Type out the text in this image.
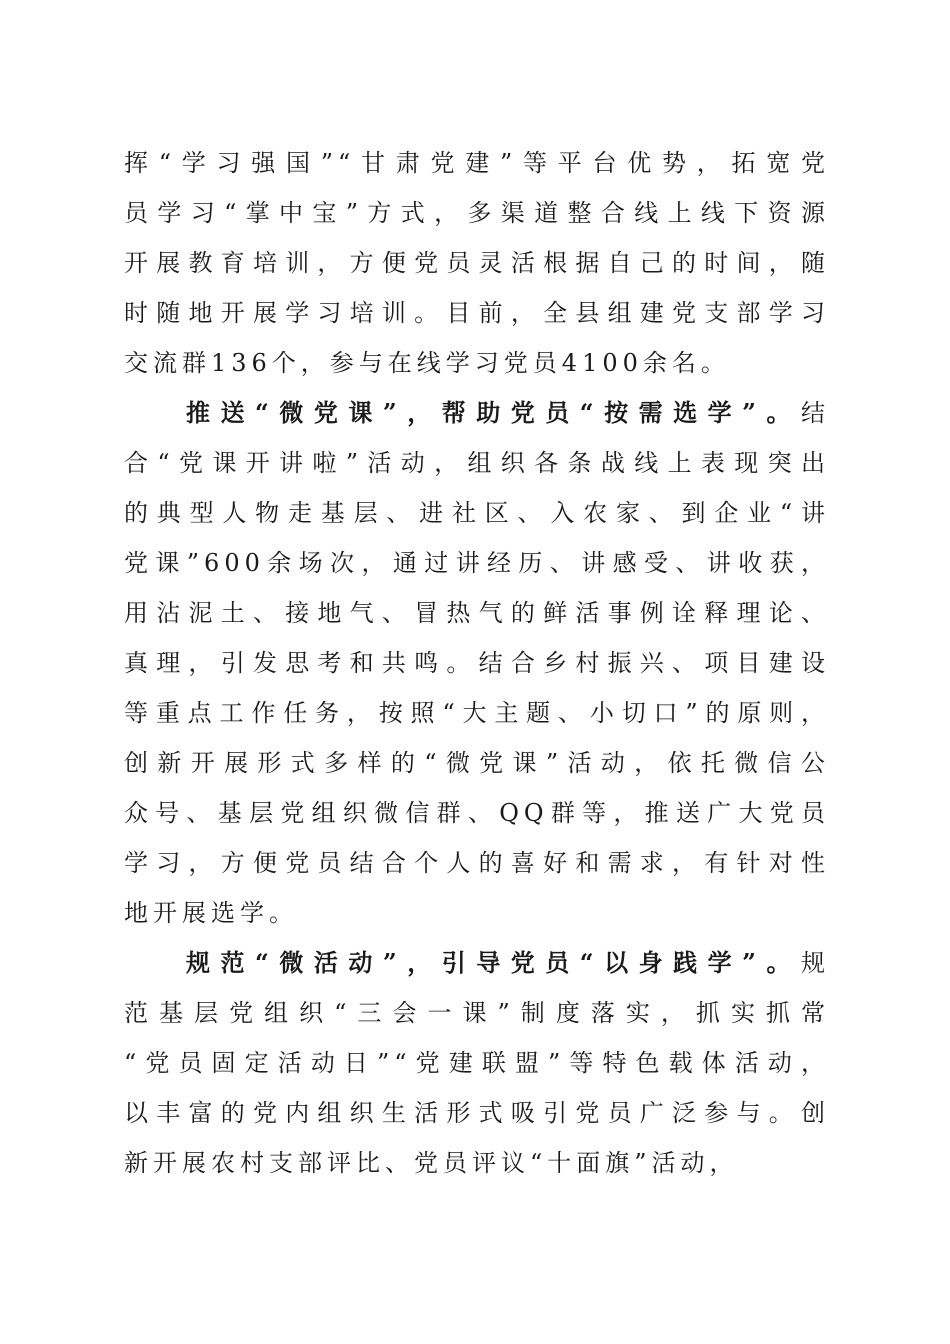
挥“学习强国”“甘肃党建”等平台优势，拓宽党
员学习“掌中宝”方式，多渠道整合线上线下资源
开展教育培训，方便党员灵活根据自己的时间，随
时随地开展学习培训。目前，全县组建党支部学习
交流群136个，参与在线学习党员4100余名。
推送“微党课”，帮助党员“按需选学”。结
合“党课开讲啦”活动，组织各条战线上表现突出
的典型人物走基层、进社区、入农家、到企业“讲
党课”600余场次，通过讲经历、讲感受、讲收获，
用沾泥土、接地气、冒热气的鲜活事例诠释理论、
真理，引发思考和共鸣。结合乡村振兴、项目建设
等重点工作任务，按照“大主题、小切口”的原则，
创新开展形式多样的“微党课”活动，依托微信公
众号、基层党组织微信群、QQ群等，推送广大党员
学习，方便党员结合个人的喜好和需求，有针对性
地开展选学。
规范“微活动”，引导党员“以身践学”。规
范基层党组织“三会一课”制度落实，抓实抓常
“党员固定活动日”“党建联盟”等特色载体活动，
以丰富的党内组织生活形式吸引党员广泛参与。创
新开展农村支部评比、党员评议“十面旗”活动，
